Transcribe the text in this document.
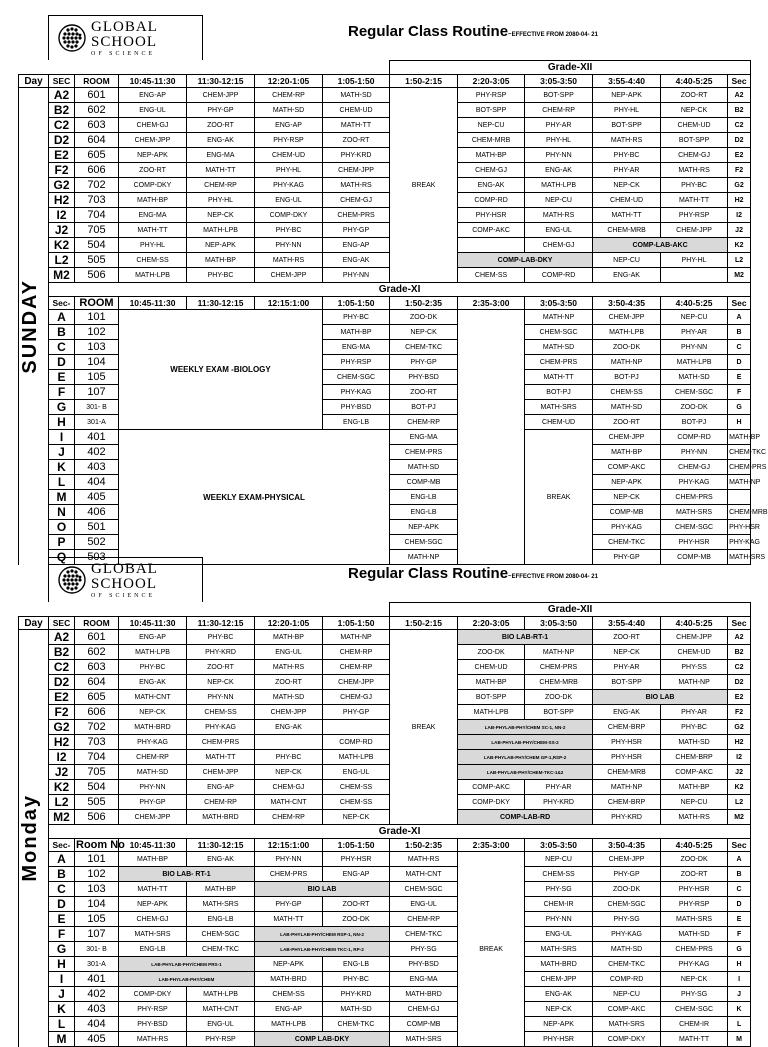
GLOBAL
SCHOOL
OF SCIENCE
Regular Class Routine~EFFECTIVE FROM 2080-04- 21
							Grade-XII						
Day	SEC	ROOM	10:45-11:30	11:30-12:15	12:20-1:05	1:05-1:50	1:50-2:15	2:20-3:05	3:05-3:50	3:55-4:40	4:40-5:25	Sec	

SUNDAY	A2	601	ENG-AP	CHEM-JPP	CHEM-RP	MATH-SD	BREAK	PHY-RSP	BOT-SPP	NEP-APK	ZOO-RT	A2	
	B2	602	ENG-UL	PHY-GP	MATH-SD	CHEM-UD		BOT-SPP	CHEM-RP	PHY-HL	NEP-CK	B2	
	C2	603	CHEM-GJ	ZOO-RT	ENG-AP	MATH-TT		NEP-CU	PHY-AR	BOT-SPP	CHEM-UD	C2	
	D2	604	CHEM-JPP	ENG-AK	PHY-RSP	ZOO-RT		CHEM-MRB	PHY-HL	MATH-RS	BOT-SPP	D2	
	E2	605	NEP-APK	ENG-MA	CHEM-UD	PHY-KRD		MATH-BP	PHY-NN	PHY-BC	CHEM-GJ	E2	
	F2	606	ZOO-RT	MATH-TT	PHY-HL	CHEM-JPP		CHEM-GJ	ENG-AK	PHY-AR	MATH-RS	F2	
	G2	702	COMP-DKY	CHEM-RP	PHY-KAG	MATH-RS		ENG-AK	MATH-LPB	NEP-CK	PHY-BC	G2	
	H2	703	MATH-BP	PHY-HL	ENG-UL	CHEM-GJ		COMP-RD	NEP-CU	CHEM-UD	MATH-TT	H2	
	I2	704	ENG-MA	NEP-CK	COMP-DKY	CHEM-PRS		PHY-HSR	MATH-RS	MATH-TT	PHY-RSP	I2	
	J2	705	MATH-TT	MATH-LPB	PHY-BC	PHY-GP		COMP-AKC	ENG-UL	CHEM-MRB	CHEM-JPP	J2	
	K2	504	PHY-HL	NEP-APK	PHY-NN	ENG-AP			CHEM-GJ	COMP-LAB-AKC		K2	
	L2	505	CHEM-SS	MATH-BP	MATH-RS	ENG-AK		COMP-LAB-DKY		NEP-CU	PHY-HL	L2	
	M2	506	MATH-LPB	PHY-BC	CHEM-JPP	PHY-NN		CHEM-SS	COMP-RD	ENG-AK		M2	
	Grade-XI												
	Sec-	ROOM	10:45-11:30	11:30-12:15	12:15:1:00	1:05-1:50	1:50-2:35	2:35-3:00	3:05-3:50	3:50-4:35	4:40-5:25	Sec	
	A	101	WEEKLY EXAM -BIOLOGY			PHY-BC	ZOO-DK		MATH-NP	CHEM-JPP	NEP-CU	A	
	B	102				MATH-BP	NEP-CK		CHEM-SGC	MATH-LPB	PHY-AR	B	
	C	103				ENG-MA	CHEM-TKC		MATH-SD	ZOO-DK	PHY-NN	C	
	D	104				PHY-RSP	PHY-GP		CHEM-PRS	MATH-NP	MATH-LPB	D	
	E	105				CHEM-SGC	PHY-BSD		MATH-TT	BOT-PJ	MATH-SD	E	
	F	107				PHY-KAG	ZOO-RT		BOT-PJ	CHEM-SS	CHEM-SGC	F	
	G	301- B				PHY-BSD	BOT-PJ		MATH-SRS	MATH-SD	ZOO-DK	G	
	H	301-A				ENG-LB	CHEM-RP		CHEM-UD	ZOO-RT	BOT-PJ	H	
	I	401	WEEKLY EXAM-PHYSICAL				ENG-MA		BREAK	CHEM-JPP	COMP-RD	MATH-BP	
	J	402					CHEM-PRS			MATH-BP	PHY-NN	CHEM-TKC	
	K	403					MATH-SD			COMP-AKC	CHEM-GJ	CHEM-PRS	
	L	404					COMP-MB			NEP-APK	PHY-KAG	MATH-NP	
	M	405					ENG-LB			NEP-CK	CHEM-PRS		
	N	406					ENG-LB			COMP-MB	MATH-SRS	CHEM-MRB	
	O	501					NEP-APK			PHY-KAG	CHEM-SGC	PHY-HSR	
	P	502					CHEM-SGC			CHEM-TKC	PHY-HSR	PHY-KAG	
	Q	503					MATH-NP			PHY-GP	COMP-MB	MATH-SRS	
GLOBAL
SCHOOL
OF SCIENCE
Regular Class Routine~EFFECTIVE FROM 2080-04- 21
							Grade-XII					
Day	SEC	ROOM	10:45-11:30	11:30-12:15	12:20-1:05	1:05-1:50	1:50-2:15	2:20-3:05	3:05-3:50	3:55-4:40	4:40-5:25	Sec

Monday	A2	601	ENG-AP	PHY-BC	MATH-BP	MATH-NP	BREAK	BIO LAB-RT-1		ZOO-RT	CHEM-JPP	A2
	B2	602	MATH-LPB	PHY-KRD	ENG-UL	CHEM-RP		ZOO-DK	MATH-NP	NEP-CK	CHEM-UD	B2
	C2	603	PHY-BC	ZOO-RT	MATH-RS	CHEM-RP		CHEM-UD	CHEM-PRS	PHY-AR	PHY-SS	C2
	D2	604	ENG-AK	NEP-CK	ZOO-RT	CHEM-JPP		MATH-BP	CHEM-MRB	BOT-SPP	MATH-NP	D2
	E2	605	MATH-CNT	PHY-NN	MATH-SD	CHEM-GJ		BOT-SPP	ZOO-DK	BIO LAB		E2
	F2	606	NEP-CK	CHEM-SS	CHEM-JPP	PHY-GP		MATH-LPB	BOT-SPP	ENG-AK	PHY-AR	F2
	G2	702	MATH-BRD	PHY-KAG	ENG-AK			LAB-PHYLAB-PHY/CHEM SC-1, NN-2		CHEM-BRP	PHY-BC	G2
	H2	703	PHY-KAG	CHEM-PRS		COMP-RD		LAB-PHYLAB-PHY/CHEM-SS-2		PHY-HSR	MATH-SD	H2
	I2	704	CHEM-RP	MATH-TT	PHY-BC	MATH-LPB		LAB-PHYLAB-PHY/CHEM GP-1,RSP-2		PHY-HSR	CHEM-BRP	I2
	J2	705	MATH-SD	CHEM-JPP	NEP-CK	ENG-UL		LAB-PHYLAB-PHY/CHEM-TKC-1&2		CHEM-MRB	COMP-AKC	J2
	K2	504	PHY-NN	ENG-AP	CHEM-GJ	CHEM-SS		COMP-AKC	PHY-AR	MATH-NP	MATH-BP	K2
	L2	505	PHY-GP	CHEM-RP	MATH-CNT	CHEM-SS		COMP-DKY	PHY-KRD	CHEM-BRP	NEP-CU	L2
	M2	506	CHEM-JPP	MATH-BRD	CHEM-RP	NEP-CK		COMP-LAB-RD		PHY-KRD	MATH-RS	M2
	Grade-XI											
	Sec-	Room No	10:45-11:30	11:30-12:15	12:15:1:00	1:05-1:50	1:50-2:35	2:35-3:00	3:05-3:50	3:50-4:35	4:40-5:25	Sec
	A	101	MATH-BP	ENG-AK	PHY-NN	PHY-HSR	MATH-RS	BREAK	NEP-CU	CHEM-JPP	ZOO-DK	A
	B	102	BIO LAB- RT-1		CHEM-PRS	ENG-AP	MATH-CNT		CHEM-SS	PHY-GP	ZOO-RT	B
	C	103	MATH-TT	MATH-BP	BIO LAB		CHEM-SGC		PHY-SG	ZOO-DK	PHY-HSR	C
	D	104	NEP-APK	MATH-SRS	PHY-GP	ZOO-RT	ENG-UL		CHEM-IR	CHEM-SGC	PHY-RSP	D
	E	105	CHEM-GJ	ENG-LB	MATH-TT	ZOO-DK	CHEM-RP		PHY-NN	PHY-SG	MATH-SRS	E
	F	107	MATH-SRS	CHEM-SGC	LAB-PHYLAB-PHY/CHEM RSP-1, NN-2		CHEM-TKC		ENG-UL	PHY-KAG	MATH-SD	F
	G	301- B	ENG-LB	CHEM-TKC	LAB-PHYLAB-PHY/CHEM TKC-1, RP-2		PHY-SG		MATH-SRS	MATH-SD	CHEM-PRS	G
	H	301-A	LAB-PHYLAB-PHY/CHEM PRS-1		NEP-APK	ENG-LB	PHY-BSD		MATH-BRD	CHEM-TKC	PHY-KAG	H
	I	401	LAB-PHYLAB-PHY/CHEM		MATH-BRD	PHY-BC	ENG-MA		CHEM-JPP	COMP-RD	NEP-CK	I
	J	402	COMP-DKY	MATH-LPB	CHEM-SS	PHY-KRD	MATH-BRD		ENG-AK	NEP-CU	PHY-SG	J
	K	403	PHY-RSP	MATH-CNT	ENG-AP	MATH-SD	CHEM-GJ		NEP-CK	COMP-AKC	CHEM-SGC	K
	L	404	PHY-BSD	ENG-UL	MATH-LPB	CHEM-TKC	COMP-MB		NEP-APK	MATH-SRS	CHEM-IR	L
	M	405	MATH-RS	PHY-RSP	COMP LAB-DKY		MATH-SRS		PHY-HSR	COMP-DKY	MATH-TT	M
